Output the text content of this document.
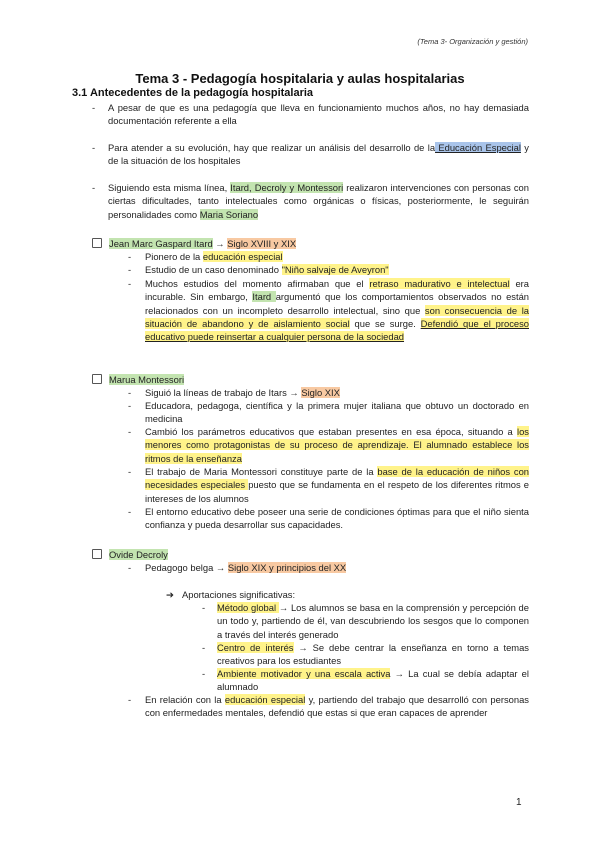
(Tema 3- Organización y gestión)
Tema 3 - Pedagogía hospitalaria y aulas hospitalarias
3.1 Antecedentes de la pedagogía hospitalaria
- A pesar de que es una pedagogía que lleva en funcionamiento muchos años, no hay demasiada documentación referente a ella
- Para atender a su evolución, hay que realizar un análisis del desarrollo de la Educación Especial y de la situación de los hospitales
- Siguiendo esta misma línea, Itard, Decroly y Montessori realizaron intervenciones con personas con ciertas dificultades, tanto intelectuales como orgánicas o físicas, posteriormente, le seguirán personalidades como Maria Soriano
Jean Marc Gaspard Itard → Siglo XVIII y XIX
- Pionero de la educación especial
- Estudio de un caso denominado "Niño salvaje de Aveyron"
- Muchos estudios del momento afirmaban que el retraso madurativo e intelectual era incurable. Sin embargo, Itard argumentó que los comportamientos observados no están relacionados con un incompleto desarrollo intelectual, sino que son consecuencia de la situación de abandono y de aislamiento social que se surge. Defendió que el proceso educativo puede reinsertar a cualquier persona de la sociedad
Marua Montessori
- Siguió la líneas de trabajo de Itars → Siglo XIX
- Educadora, pedagoga, científica y la primera mujer italiana que obtuvo un doctorado en medicina
- Cambió los parámetros educativos que estaban presentes en esa época, situando a los menores como protagonistas de su proceso de aprendizaje. El alumnado establece los ritmos de la enseñanza
- El trabajo de Maria Montessori constituye parte de la base de la educación de niños con necesidades especiales puesto que se fundamenta en el respeto de los diferentes ritmos e intereses de los alumnos
- El entorno educativo debe poseer una serie de condiciones óptimas para que el niño sienta confianza y pueda desarrollar sus capacidades.
Ovide Decroly
- Pedagogo belga → Siglo XIX y principios del XX
➔ Aportaciones significativas:
- Método global → Los alumnos se basa en la comprensión y percepción de un todo y, partiendo de él, van descubriendo los sesgos que lo componen a través del interés generado
- Centro de interés → Se debe centrar la enseñanza en torno a temas creativos para los estudiantes
- Ambiente motivador y una escala activa → La cual se debía adaptar el alumnado
- En relación con la educación especial y, partiendo del trabajo que desarrolló con personas con enfermedades mentales, defendió que estas si que eran capaces de aprender
1
